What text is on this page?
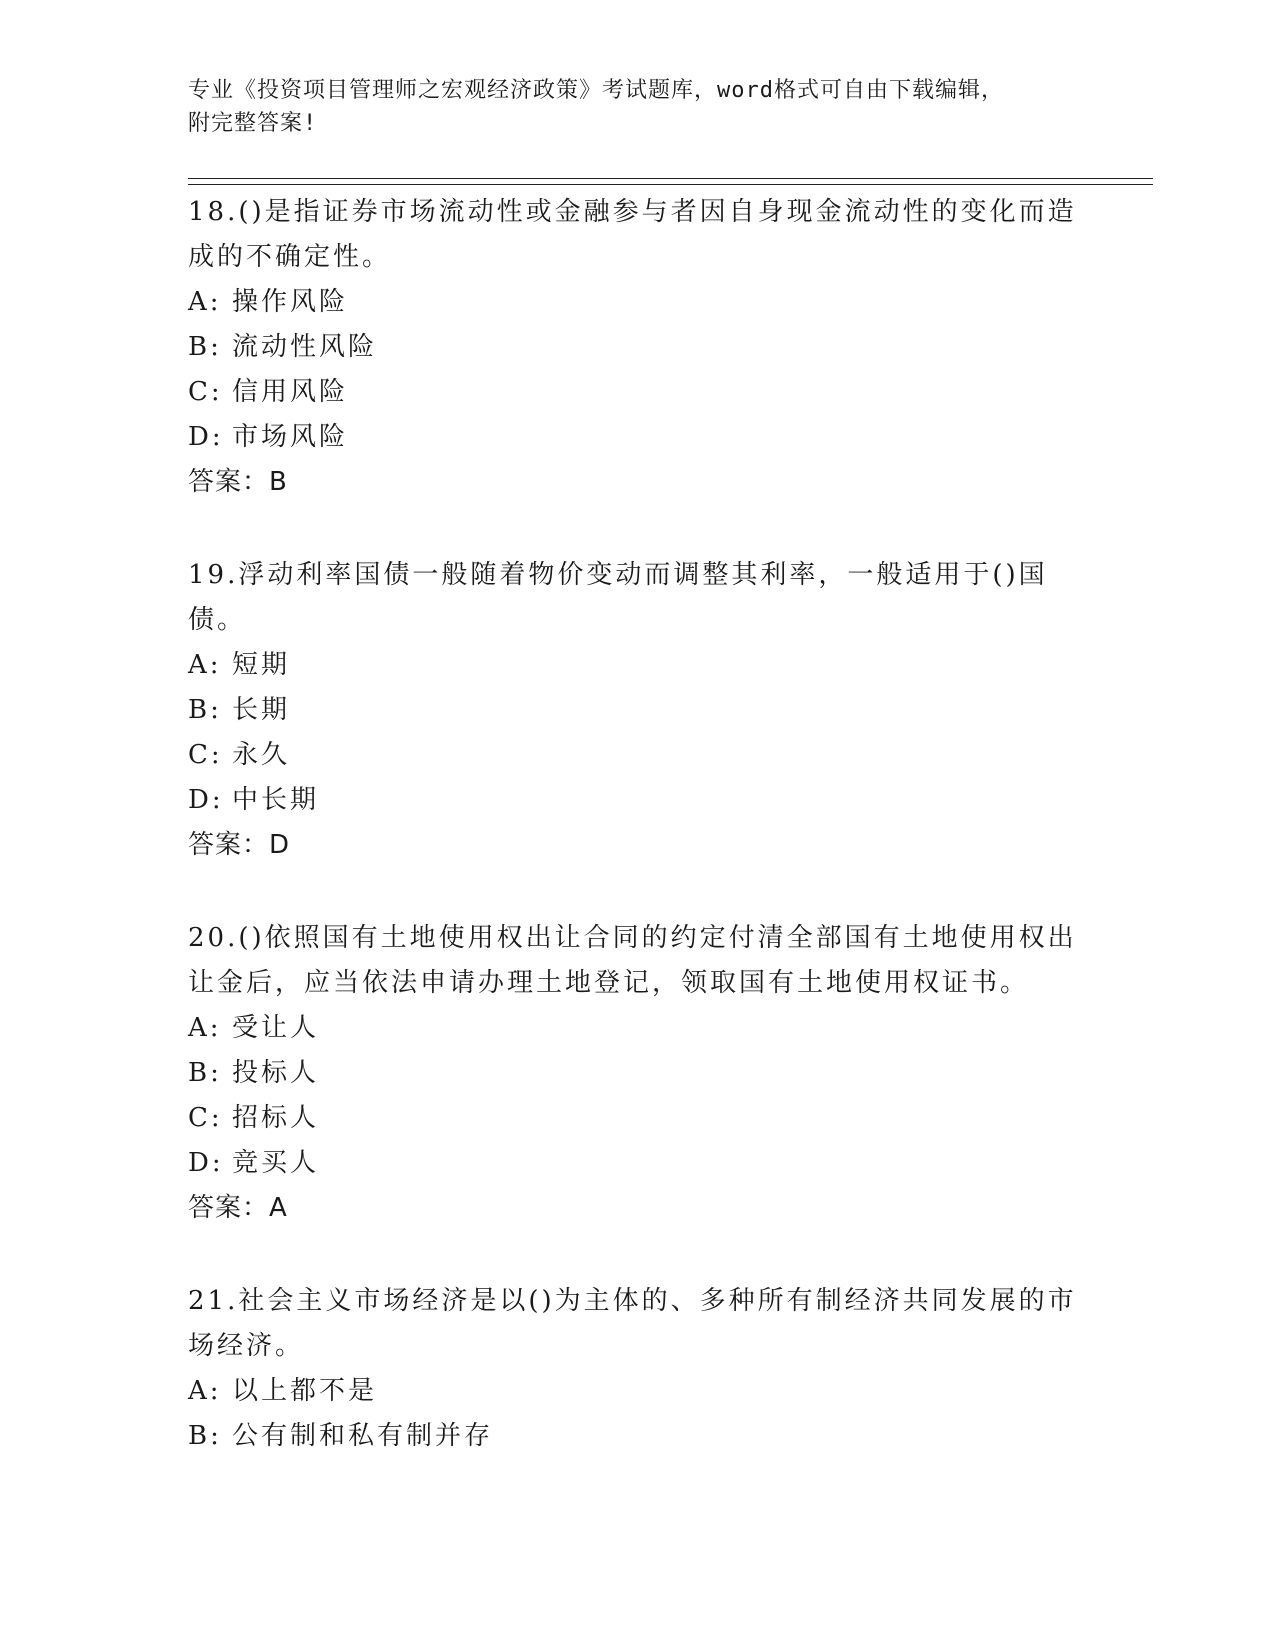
专业《投资项目管理师之宏观经济政策》考试题库，word格式可自由下载编辑，
附完整答案!

18.()是指证券市场流动性或金融参与者因自身现金流动性的变化而造成的不确定性。

A: 操作风险

B: 流动性风险

C: 信用风险

D: 市场风险

答案：B

19.浮动利率国债一般随着物价变动而调整其利率，一般适用于()国债。

A: 短期

B: 长期

C: 永久

D: 中长期

答案：D

20.()依照国有土地使用权出让合同的约定付清全部国有土地使用权出让金后，应当依法申请办理土地登记，领取国有土地使用权证书。

A: 受让人

B: 投标人

C: 招标人

D: 竞买人

答案：A

21.社会主义市场经济是以()为主体的、多种所有制经济共同发展的市场经济。

A: 以上都不是

B: 公有制和私有制并存
